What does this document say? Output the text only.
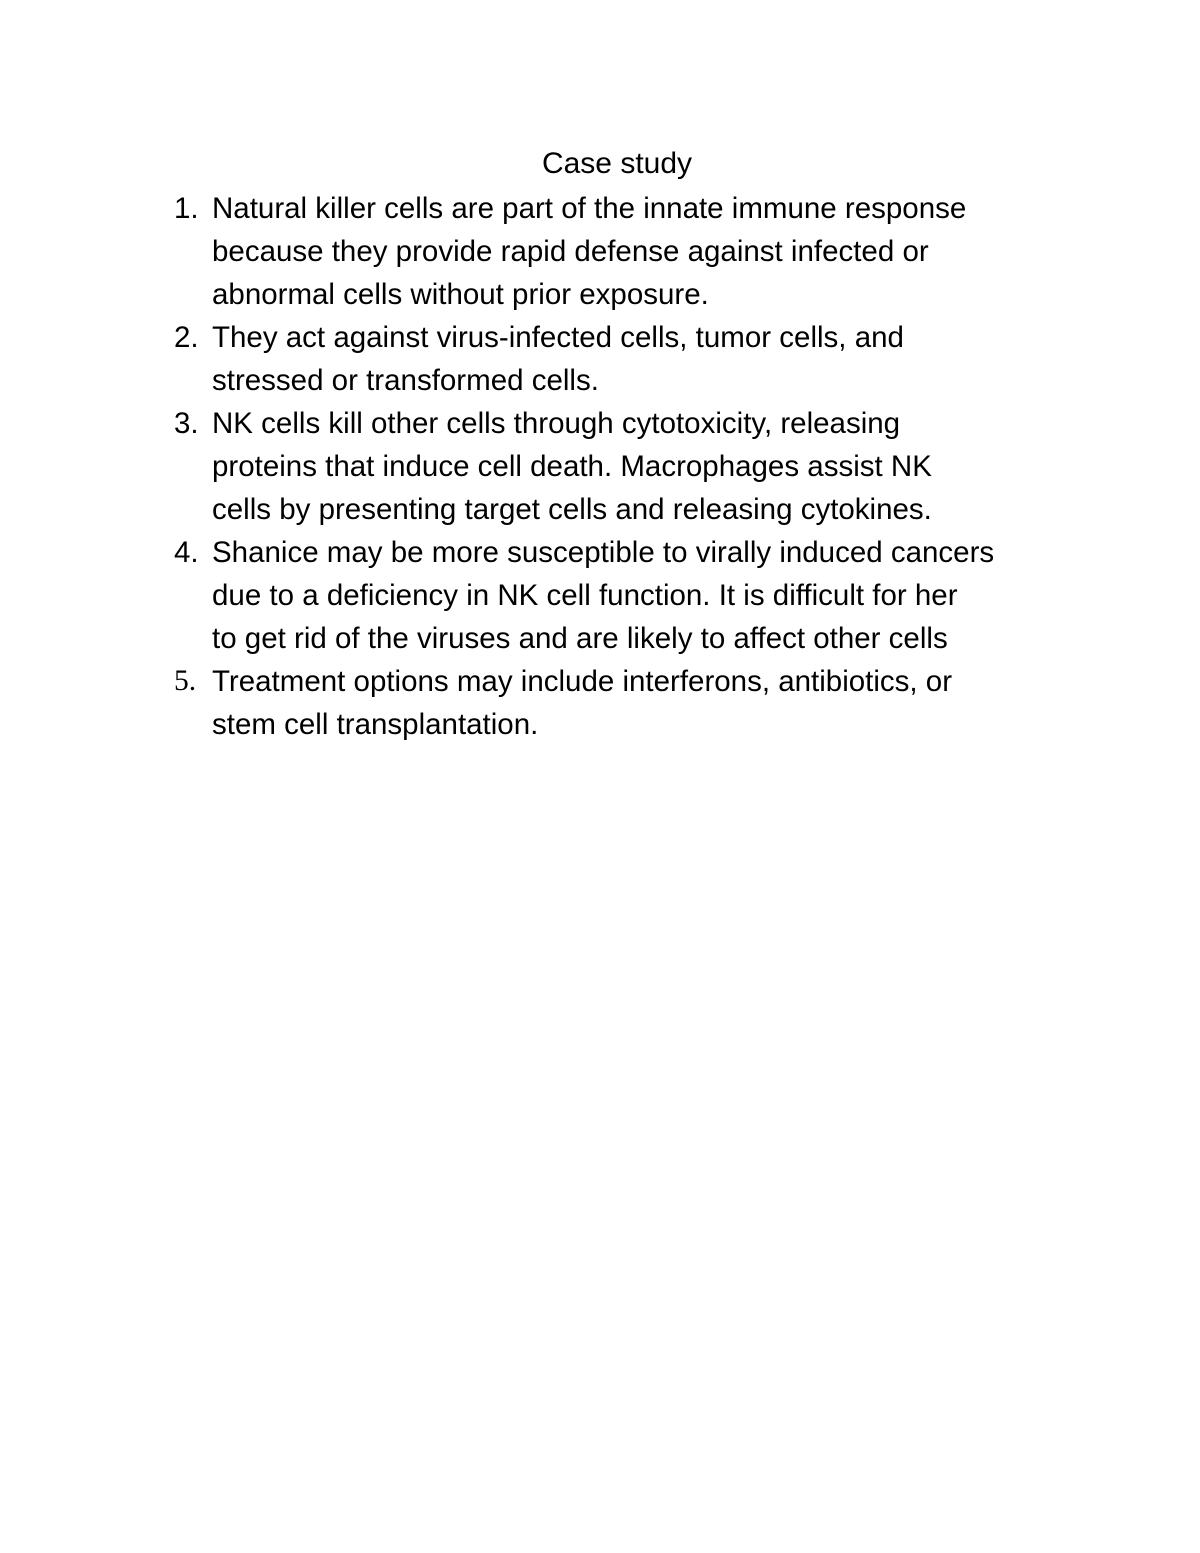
Case study
1. Natural killer cells are part of the innate immune response
because they provide rapid defense against infected or
abnormal cells without prior exposure.
2. They act against virus-infected cells, tumor cells, and
stressed or transformed cells.
3. NK cells kill other cells through cytotoxicity, releasing
proteins that induce cell death. Macrophages assist NK
cells by presenting target cells and releasing cytokines.
4. Shanice may be more susceptible to virally induced cancers
due to a deficiency in NK cell function. It is difficult for her
to get rid of the viruses and are likely to affect other cells
5. Treatment options may include interferons, antibiotics, or
stem cell transplantation.
